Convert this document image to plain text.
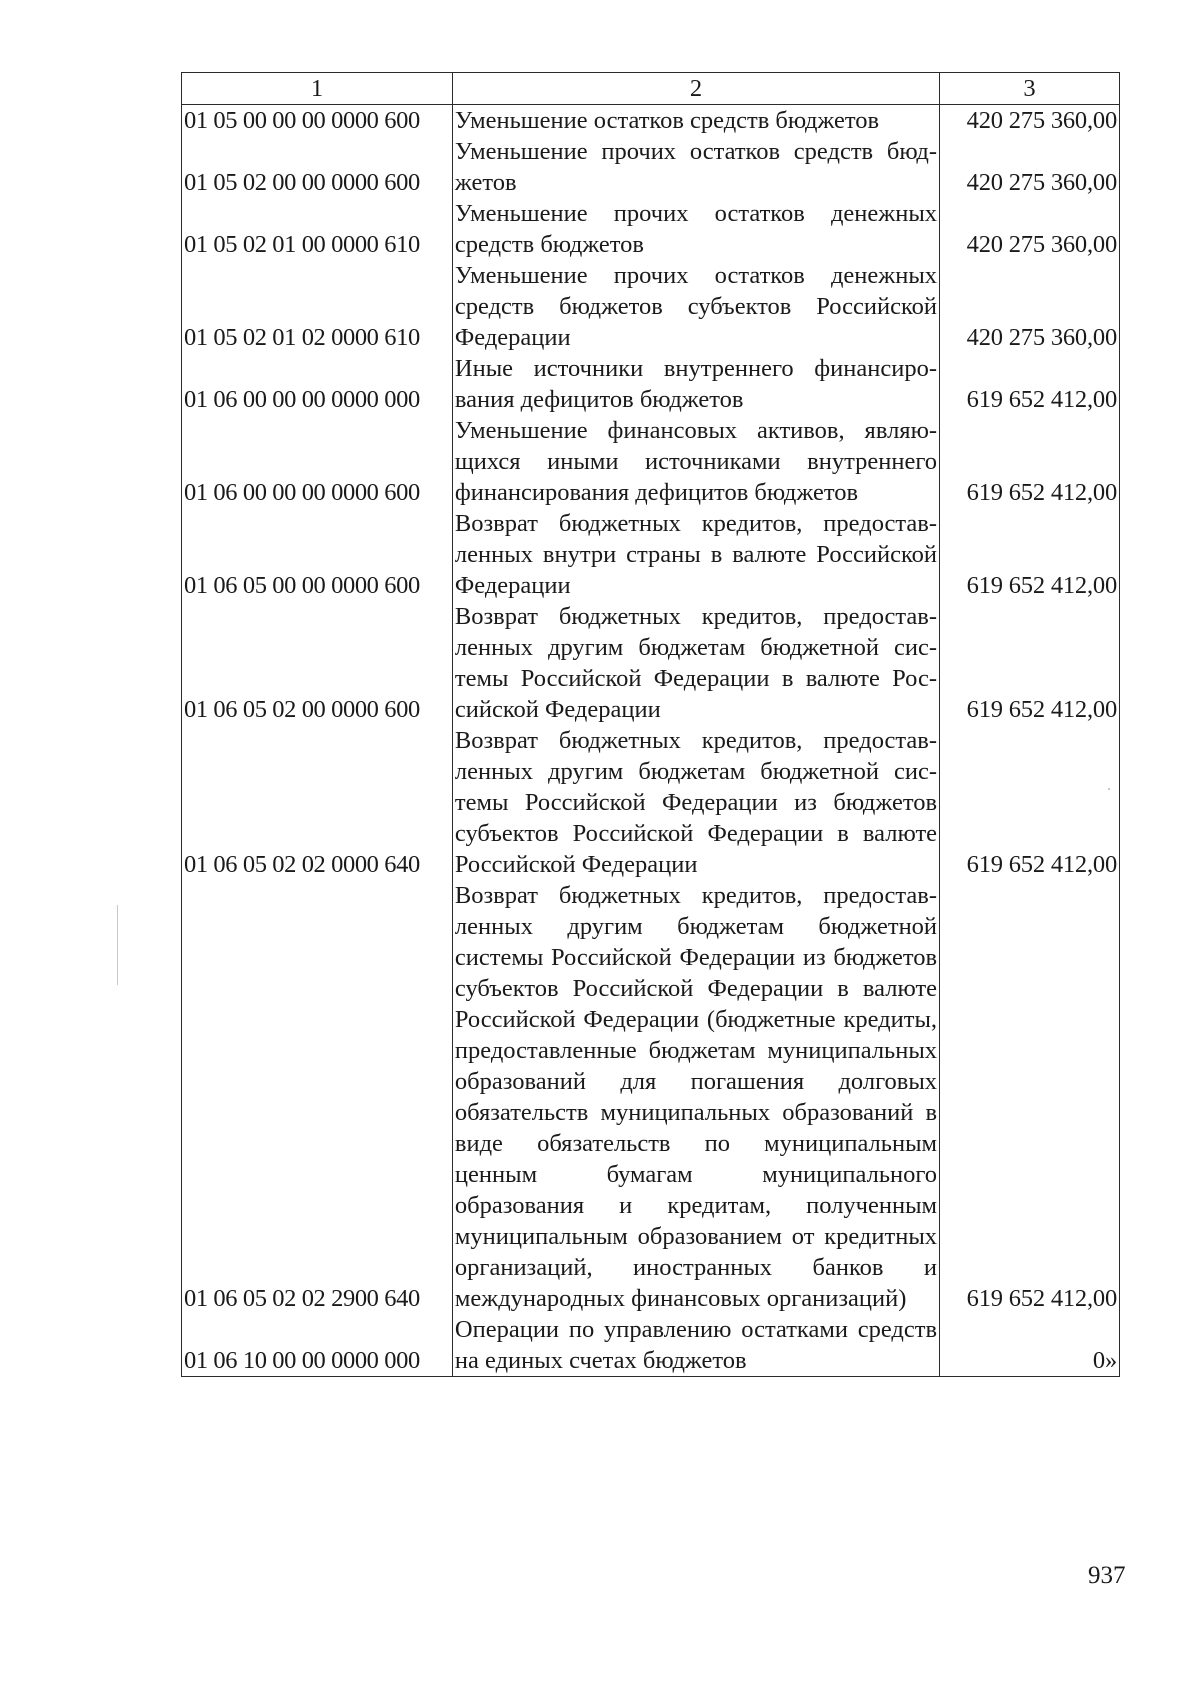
1	2	3
01 05 00 00 00 0000 600	Уменьшение остатков средств бюджетов	420 275 360,00
01 05 02 00 00 0000 600	Уменьшение прочих остатков средств бюджетов	420 275 360,00
01 05 02 01 00 0000 610	Уменьшение прочих остатков денежных средств бюджетов	420 275 360,00
01 05 02 01 02 0000 610	Уменьшение прочих остатков денежных средств бюджетов субъектов Российской Федерации	420 275 360,00
01 06 00 00 00 0000 000	Иные источники внутреннего финансирования дефицитов бюджетов	619 652 412,00
01 06 00 00 00 0000 600	Уменьшение финансовых активов, являющихся иными источниками внутреннего финансирования дефицитов бюджетов	619 652 412,00
01 06 05 00 00 0000 600	Возврат бюджетных кредитов, предоставленных внутри страны в валюте Российской Федерации	619 652 412,00
01 06 05 02 00 0000 600	Возврат бюджетных кредитов, предоставленных другим бюджетам бюджетной системы Российской Федерации в валюте Российской Федерации	619 652 412,00
01 06 05 02 02 0000 640	Возврат бюджетных кредитов, предоставленных другим бюджетам бюджетной системы Российской Федерации из бюджетов субъектов Российской Федерации в валюте Российской Федерации	619 652 412,00
01 06 05 02 02 2900 640	Возврат бюджетных кредитов, предоставленных другим бюджетам бюджетной системы Российской Федерации из бюджетов субъектов Российской Федерации в валюте Российской Федерации (бюджетные кредиты, предоставленные бюджетам муниципальных образований для погашения долговых обязательств муниципальных образований в виде обязательств по муниципальным ценным бумагам муниципального образования и кредитам, полученным муниципальным образованием от кредитных организаций, иностранных банков и международных финансовых организаций)	619 652 412,00
01 06 10 00 00 0000 000	Операции по управлению остатками средств на единых счетах бюджетов	0»
937
